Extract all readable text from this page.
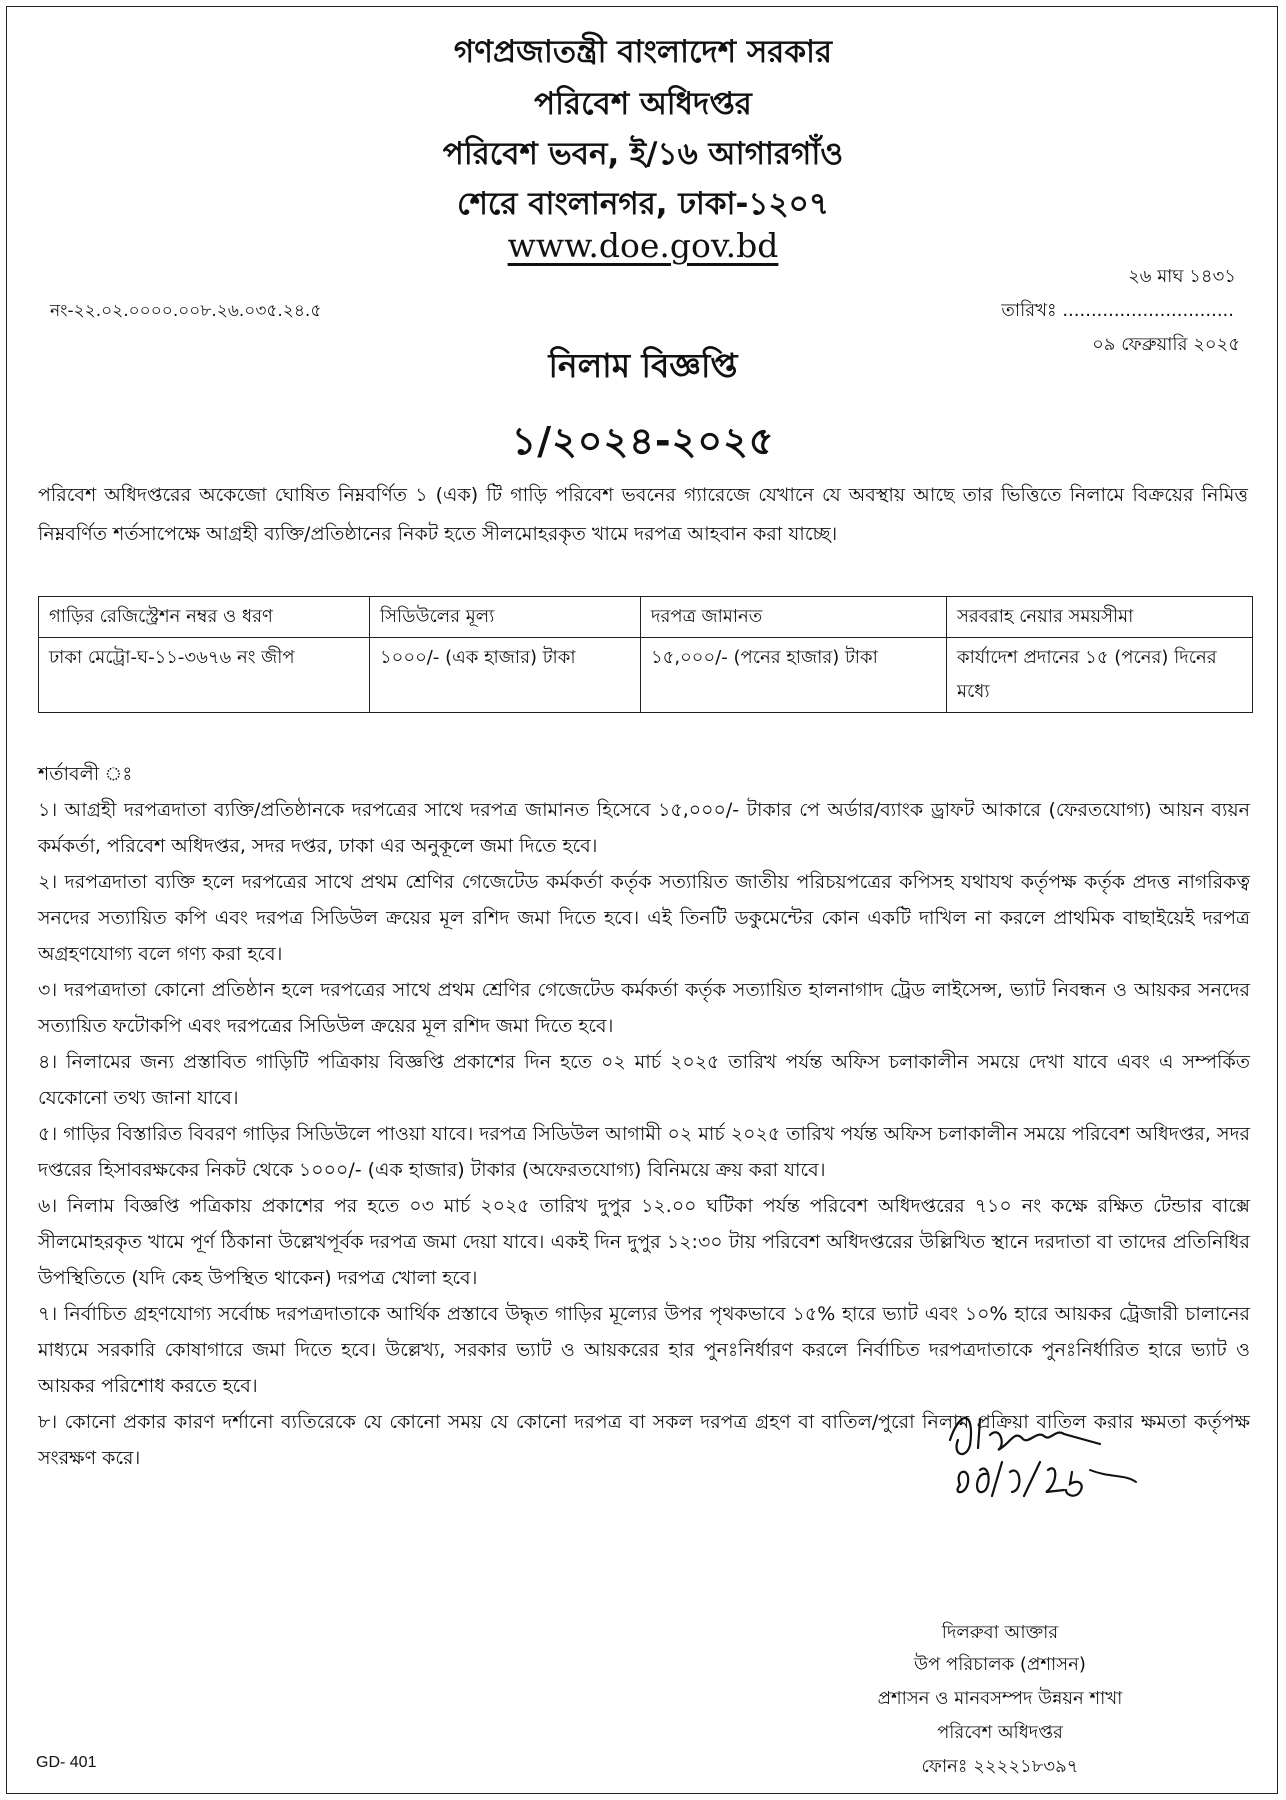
গণপ্রজাতন্ত্রী বাংলাদেশ সরকার
পরিবেশ অধিদপ্তর
পরিবেশ ভবন, ই/১৬ আগারগাঁও
শেরে বাংলানগর, ঢাকা-১২০৭
www.doe.gov.bd
২৬ মাঘ ১৪৩১
নং-২২.০২.০০০০.০০৮.২৬.০৩৫.২৪.৫	তারিখঃ ..............................
০৯ ফেব্রুয়ারি ২০২৫
নিলাম বিজ্ঞপ্তি
১/২০২৪-২০২৫

পরিবেশ অধিদপ্তরের অকেজো ঘোষিত নিম্নবর্ণিত ১ (এক) টি গাড়ি পরিবেশ ভবনের গ্যারেজে যেখানে যে অবস্থায় আছে তার ভিত্তিতে নিলামে বিক্রয়ের নিমিত্ত নিম্নবর্ণিত শর্তসাপেক্ষে আগ্রহী ব্যক্তি/প্রতিষ্ঠানের নিকট হতে সীলমোহরকৃত খামে দরপত্র আহবান করা যাচ্ছে।

গাড়ির রেজিস্ট্রেশন নম্বর ও ধরণ	সিডিউলের মূল্য	দরপত্র জামানত	সরবরাহ নেয়ার সময়সীমা
ঢাকা মেট্রো-ঘ-১১-৩৬৭৬ নং জীপ	১০০০/- (এক হাজার) টাকা	১৫,০০০/- (পনের হাজার) টাকা	কার্যাদেশ প্রদানের ১৫ (পনের) দিনের মধ্যে
শর্তাবলী ঃ

১। আগ্রহী দরপত্রদাতা ব্যক্তি/প্রতিষ্ঠানকে দরপত্রের সাথে দরপত্র জামানত হিসেবে ১৫,০০০/- টাকার পে অর্ডার/ব্যাংক ড্রাফট আকারে (ফেরতযোগ্য) আয়ন ব্যয়ন কর্মকর্তা, পরিবেশ অধিদপ্তর, সদর দপ্তর, ঢাকা এর অনুকূলে জমা দিতে হবে।

২। দরপত্রদাতা ব্যক্তি হলে দরপত্রের সাথে প্রথম শ্রেণির গেজেটেড কর্মকর্তা কর্তৃক সত্যায়িত জাতীয় পরিচয়পত্রের কপিসহ যথাযথ কর্তৃপক্ষ কর্তৃক প্রদত্ত নাগরিকত্ব সনদের সত্যায়িত কপি এবং দরপত্র সিডিউল ক্রয়ের মূল রশিদ জমা দিতে হবে। এই তিনটি ডকুমেন্টের কোন একটি দাখিল না করলে প্রাথমিক বাছাইয়েই দরপত্র অগ্রহণযোগ্য বলে গণ্য করা হবে।

৩। দরপত্রদাতা কোনো প্রতিষ্ঠান হলে দরপত্রের সাথে প্রথম শ্রেণির গেজেটেড কর্মকর্তা কর্তৃক সত্যায়িত হালনাগাদ ট্রেড লাইসেন্স, ভ্যাট নিবন্ধন ও আয়কর সনদের সত্যায়িত ফটোকপি এবং দরপত্রের সিডিউল ক্রয়ের মূল রশিদ জমা দিতে হবে।

৪। নিলামের জন্য প্রস্তাবিত গাড়িটি পত্রিকায় বিজ্ঞপ্তি প্রকাশের দিন হতে ০২ মার্চ ২০২৫ তারিখ পর্যন্ত অফিস চলাকালীন সময়ে দেখা যাবে এবং এ সম্পর্কিত যেকোনো তথ্য জানা যাবে।

৫। গাড়ির বিস্তারিত বিবরণ গাড়ির সিডিউলে পাওয়া যাবে। দরপত্র সিডিউল আগামী ০২ মার্চ ২০২৫ তারিখ পর্যন্ত অফিস চলাকালীন সময়ে পরিবেশ অধিদপ্তর, সদর দপ্তরের হিসাবরক্ষকের নিকট থেকে ১০০০/- (এক হাজার) টাকার (অফেরতযোগ্য) বিনিময়ে ক্রয় করা যাবে।

৬। নিলাম বিজ্ঞপ্তি পত্রিকায় প্রকাশের পর হতে ০৩ মার্চ ২০২৫ তারিখ দুপুর ১২.০০ ঘটিকা পর্যন্ত পরিবেশ অধিদপ্তরের ৭১০ নং কক্ষে রক্ষিত টেন্ডার বাক্সে সীলমোহরকৃত খামে পূর্ণ ঠিকানা উল্লেখপূর্বক দরপত্র জমা দেয়া যাবে। একই দিন দুপুর ১২:৩০ টায় পরিবেশ অধিদপ্তরের উল্লিখিত স্থানে দরদাতা বা তাদের প্রতিনিধির উপস্থিতিতে (যদি কেহ উপস্থিত থাকেন) দরপত্র খোলা হবে।

৭। নির্বাচিত গ্রহণযোগ্য সর্বোচ্চ দরপত্রদাতাকে আর্থিক প্রস্তাবে উদ্ধৃত গাড়ির মূল্যের উপর পৃথকভাবে ১৫% হারে ভ্যাট এবং ১০% হারে আয়কর ট্রেজারী চালানের মাধ্যমে সরকারি কোষাগারে জমা দিতে হবে। উল্লেখ্য, সরকার ভ্যাট ও আয়করের হার পুনঃনির্ধারণ করলে নির্বাচিত দরপত্রদাতাকে পুনঃনির্ধারিত হারে ভ্যাট ও আয়কর পরিশোধ করতে হবে।

৮। কোনো প্রকার কারণ দর্শানো ব্যতিরেকে যে কোনো সময় যে কোনো দরপত্র বা সকল দরপত্র গ্রহণ বা বাতিল/পুরো নিলাম প্রক্রিয়া বাতিল করার ক্ষমতা কর্তৃপক্ষ সংরক্ষণ করে।

দিলরুবা আক্তার
উপ পরিচালক (প্রশাসন)
প্রশাসন ও মানবসম্পদ উন্নয়ন শাখা
পরিবেশ অধিদপ্তর
ফোনঃ ২২২২১৮৩৯৭
GD- 401
